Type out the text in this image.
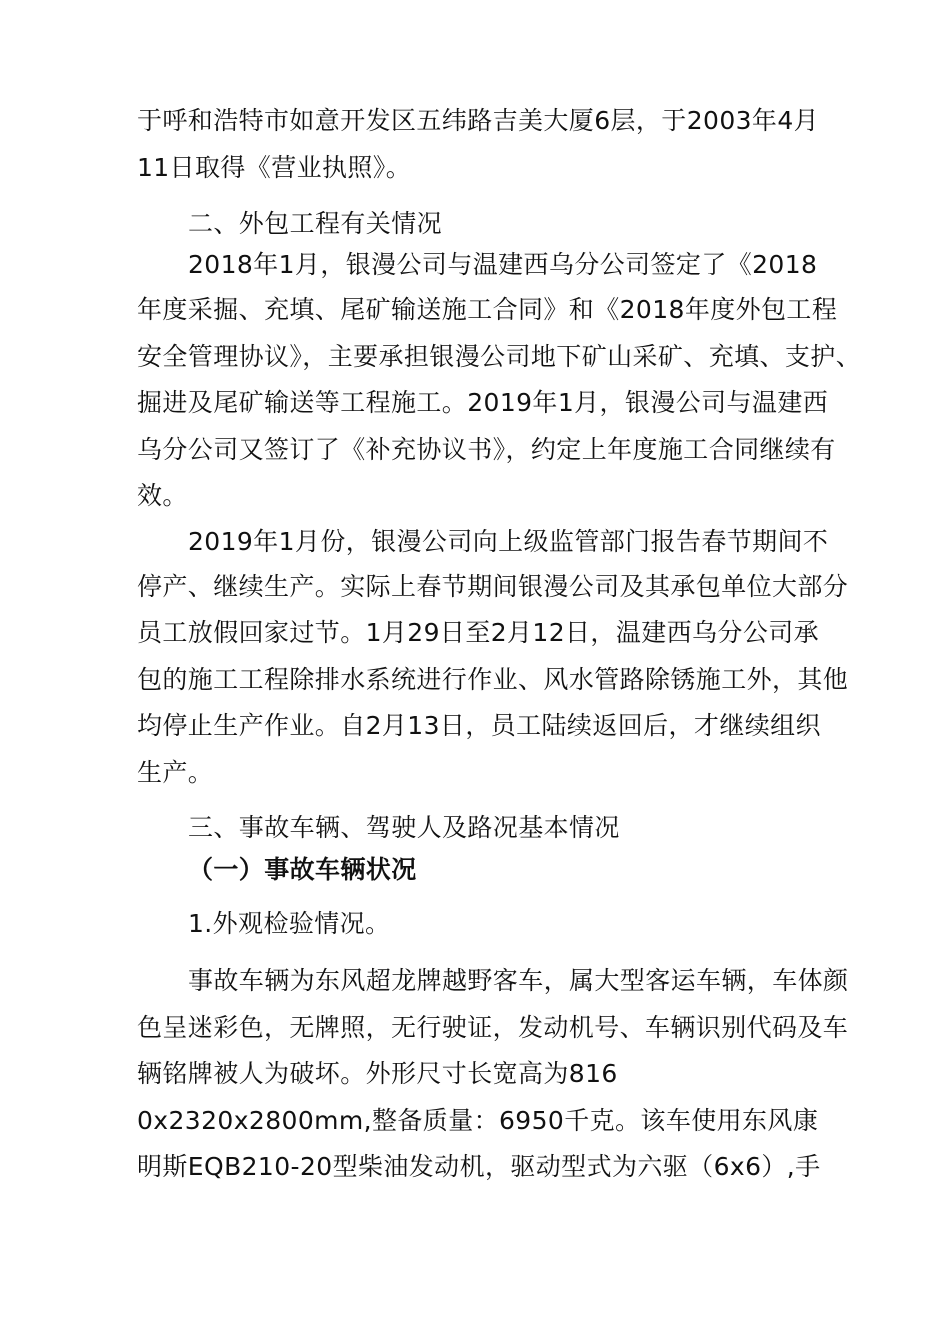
于呼和浩特市如意开发区五纬路吉美大厦6层，于2003年4月
11日取得《营业执照》。
二、外包工程有关情况
2018年1月，银漫公司与温建西乌分公司签定了《2018
年度采掘、充填、尾矿输送施工合同》和《2018年度外包工程
安全管理协议》，主要承担银漫公司地下矿山采矿、充填、支护、
掘进及尾矿输送等工程施工。2019年1月，银漫公司与温建西
乌分公司又签订了《补充协议书》，约定上年度施工合同继续有
效。
2019年1月份，银漫公司向上级监管部门报告春节期间不
停产、继续生产。实际上春节期间银漫公司及其承包单位大部分
员工放假回家过节。1月29日至2月12日，温建西乌分公司承
包的施工工程除排水系统进行作业、风水管路除锈施工外，其他
均停止生产作业。自2月13日，员工陆续返回后，才继续组织
生产。
三、事故车辆、驾驶人及路况基本情况
（一）事故车辆状况
1.外观检验情况。
事故车辆为东风超龙牌越野客车，属大型客运车辆，车体颜
色呈迷彩色，无牌照，无行驶证，发动机号、车辆识别代码及车
辆铭牌被人为破坏。外形尺寸长宽高为816
0x2320x2800mm,整备质量：6950千克。该车使用东风康
明斯EQB210-20型柴油发动机，驱动型式为六驱（6x6）,手
